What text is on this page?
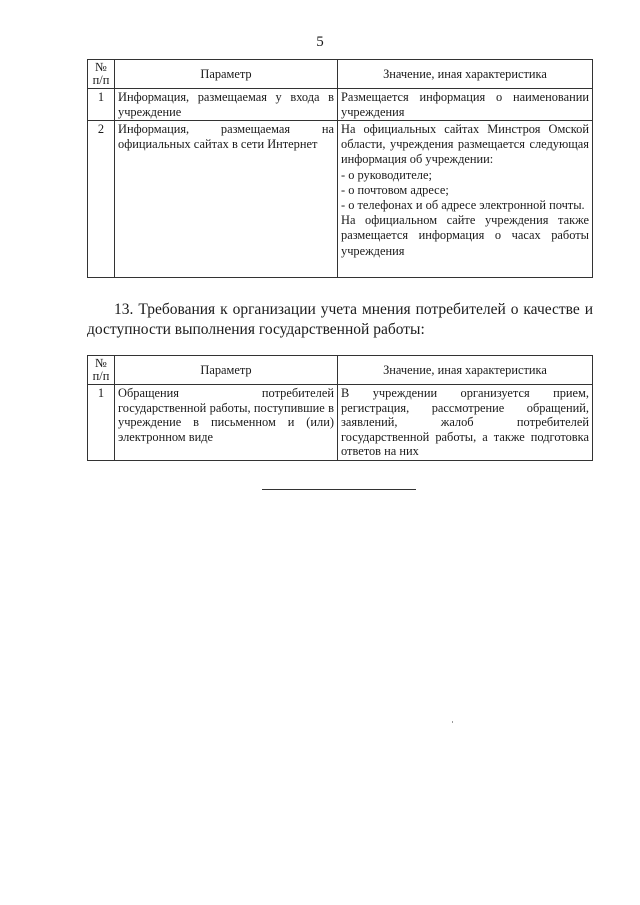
5
№
п/п	Параметр	Значение, иная характеристика
1	Информация, размещаемая у входа в учреждение	Размещается информация о наименовании учреждения
2	Информация, размещаемая на официальных сайтах в сети Интернет	На официальных сайтах Минстроя Омской области, учреждения размещается следующая информация об учреждении:
- о руководителе;
- о почтовом адресе;
- о телефонах и об адресе электронной почты.
На официальном сайте учреждения также размещается информация о часах работы учреждения
13. Требования к организации учета мнения потребителей о качестве и доступности выполнения государственной работы:
№
п/п	Параметр	Значение, иная характеристика
1	Обращения потребителей государственной работы, поступившие в учреждение в письменном и (или) электронном виде	В учреждении организуется прием, регистрация, рассмотрение обращений, заявлений, жалоб потребителей государственной работы, а также подготовка ответов на них
